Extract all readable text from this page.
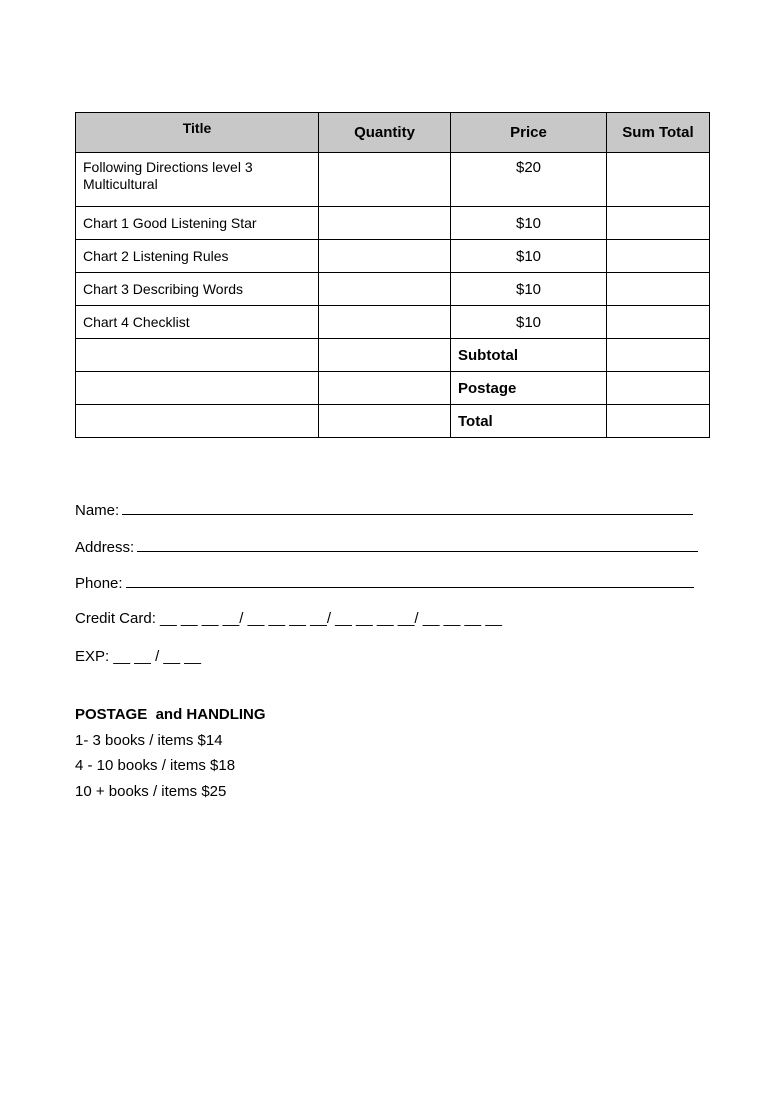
Title	Quantity	Price	Sum Total

Following Directions level 3
Multicultural		$20	
Chart 1 Good Listening Star		$10	
Chart 2 Listening Rules		$10	
Chart 3 Describing Words		$10	
Chart 4 Checklist		$10	
		Subtotal	
		Postage	
		Total	
Name:
Address:
Phone:
Credit Card: __ __ __ __/ __ __ __ __/ __ __ __ __/ __ __ __ __
EXP: __ __ / __ __
POSTAGE  and HANDLING
1- 3 books / items $14
4 - 10 books / items $18
10 + books / items $25
